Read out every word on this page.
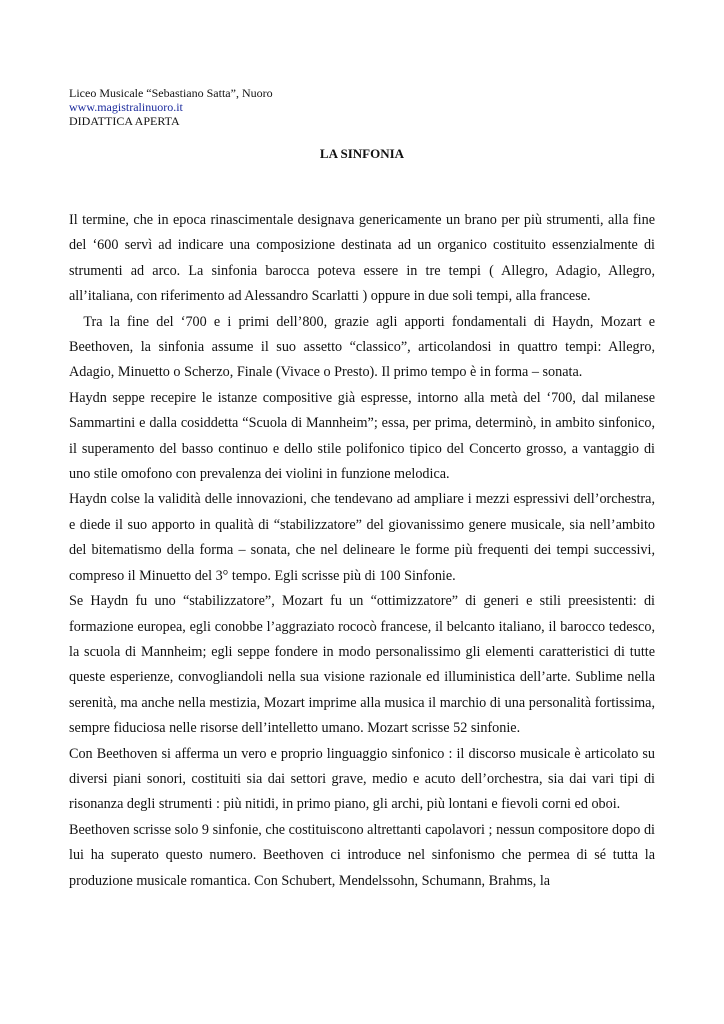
Liceo Musicale “Sebastiano Satta”, Nuoro
www.magistralinuoro.it
DIDATTICA APERTA
LA SINFONIA

Il termine, che in epoca rinascimentale designava genericamente un brano per più strumenti, alla fine del ‘600 servì ad indicare una composizione destinata ad un organico costituito essenzialmente di strumenti ad arco. La sinfonia barocca poteva essere in tre tempi ( Allegro, Adagio, Allegro, all’italiana, con riferimento ad Alessandro Scarlatti ) oppure in due soli tempi, alla francese.

Tra la fine del ‘700 e i primi dell’800, grazie agli apporti fondamentali di Haydn, Mozart e Beethoven, la sinfonia assume il suo assetto “classico”, articolandosi in quattro tempi: Allegro, Adagio, Minuetto o Scherzo, Finale (Vivace o Presto). Il primo tempo è in forma – sonata.

Haydn seppe recepire le istanze compositive già espresse, intorno alla metà del ‘700, dal milanese Sammartini e dalla cosiddetta “Scuola di Mannheim”; essa, per prima, determinò, in ambito sinfonico, il superamento del basso continuo e dello stile polifonico tipico del Concerto grosso, a vantaggio di uno stile omofono con prevalenza dei violini in funzione melodica.

Haydn colse la validità delle innovazioni, che tendevano ad ampliare i mezzi espressivi dell’orchestra, e diede il suo apporto in qualità di “stabilizzatore” del giovanissimo genere musicale, sia nell’ambito del bitematismo della forma – sonata, che nel delineare le forme più frequenti dei tempi successivi, compreso il Minuetto del 3° tempo. Egli scrisse più di 100 Sinfonie.

Se Haydn fu uno “stabilizzatore”, Mozart fu un “ottimizzatore” di generi e stili preesistenti: di formazione europea, egli conobbe l’aggraziato rococò francese, il belcanto italiano, il barocco tedesco, la scuola di Mannheim; egli seppe fondere in modo personalissimo gli elementi caratteristici di tutte queste esperienze, convogliandoli nella sua visione razionale ed illuministica dell’arte. Sublime nella serenità, ma anche nella mestizia, Mozart imprime alla musica il marchio di una personalità fortissima, sempre fiduciosa nelle risorse dell’intelletto umano. Mozart scrisse 52 sinfonie.

Con Beethoven si afferma un vero e proprio linguaggio sinfonico : il discorso musicale è articolato su diversi piani sonori, costituiti sia dai settori grave, medio e acuto dell’orchestra, sia dai vari tipi di risonanza degli strumenti : più nitidi, in primo piano, gli archi, più lontani e fievoli corni ed oboi.

Beethoven scrisse solo 9 sinfonie, che costituiscono altrettanti capolavori ; nessun compositore dopo di lui ha superato questo numero. Beethoven ci introduce nel sinfonismo che permea di sé tutta la produzione musicale romantica. Con Schubert, Mendelssohn, Schumann, Brahms, la
